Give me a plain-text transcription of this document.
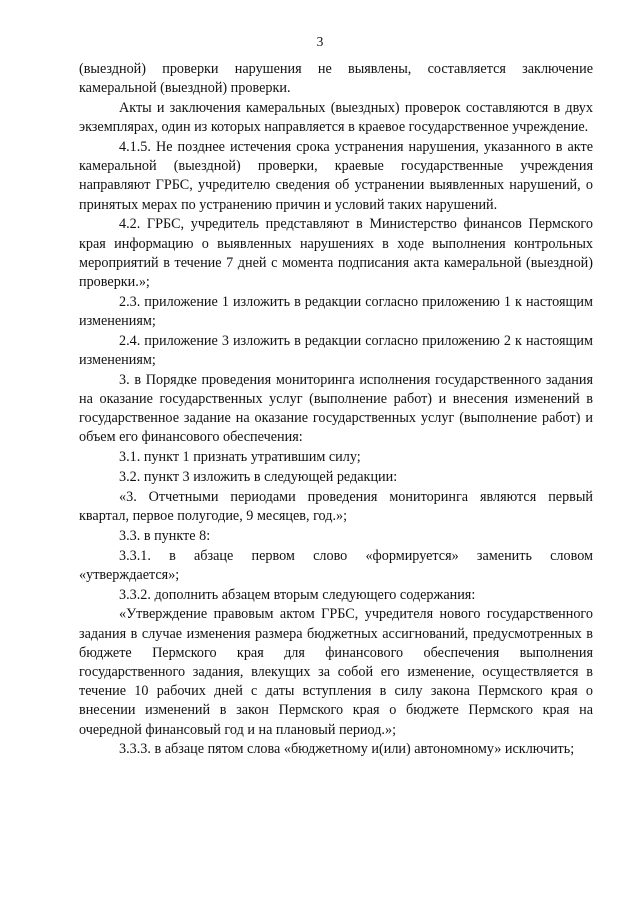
3

(выездной) проверки нарушения не выявлены, составляется заключение камеральной (выездной) проверки.

Акты и заключения камеральных (выездных) проверок составляются в двух экземплярах, один из которых направляется в краевое государственное учреждение.

4.1.5. Не позднее истечения срока устранения нарушения, указанного в акте камеральной (выездной) проверки, краевые государственные учреждения направляют ГРБС, учредителю сведения об устранении выявленных нарушений, о принятых мерах по устранению причин и условий таких нарушений.

4.2. ГРБС, учредитель представляют в Министерство финансов Пермского края информацию о выявленных нарушениях в ходе выполнения контрольных мероприятий в течение 7 дней с момента подписания акта камеральной (выездной) проверки.»;

2.3. приложение 1 изложить в редакции согласно приложению 1 к настоящим изменениям;

2.4. приложение 3 изложить в редакции согласно приложению 2 к настоящим изменениям;

3. в Порядке проведения мониторинга исполнения государственного задания на оказание государственных услуг (выполнение работ) и внесения изменений в государственное задание на оказание государственных услуг (выполнение работ) и объем его финансового обеспечения:

3.1. пункт 1 признать утратившим силу;

3.2. пункт 3 изложить в следующей редакции:

«3. Отчетными периодами проведения мониторинга являются первый квартал, первое полугодие, 9 месяцев, год.»;

3.3. в пункте 8:

3.3.1. в абзаце первом слово «формируется» заменить словом «утверждается»;

3.3.2. дополнить абзацем вторым следующего содержания:

«Утверждение правовым актом ГРБС, учредителя нового государственного задания в случае изменения размера бюджетных ассигнований, предусмотренных в бюджете Пермского края для финансового обеспечения выполнения государственного задания, влекущих за собой его изменение, осуществляется в течение 10 рабочих дней с даты вступления в силу закона Пермского края о внесении изменений в закон Пермского края о бюджете Пермского края на очередной финансовый год и на плановый период.»;

3.3.3. в абзаце пятом слова «бюджетному и(или) автономному» исключить;
